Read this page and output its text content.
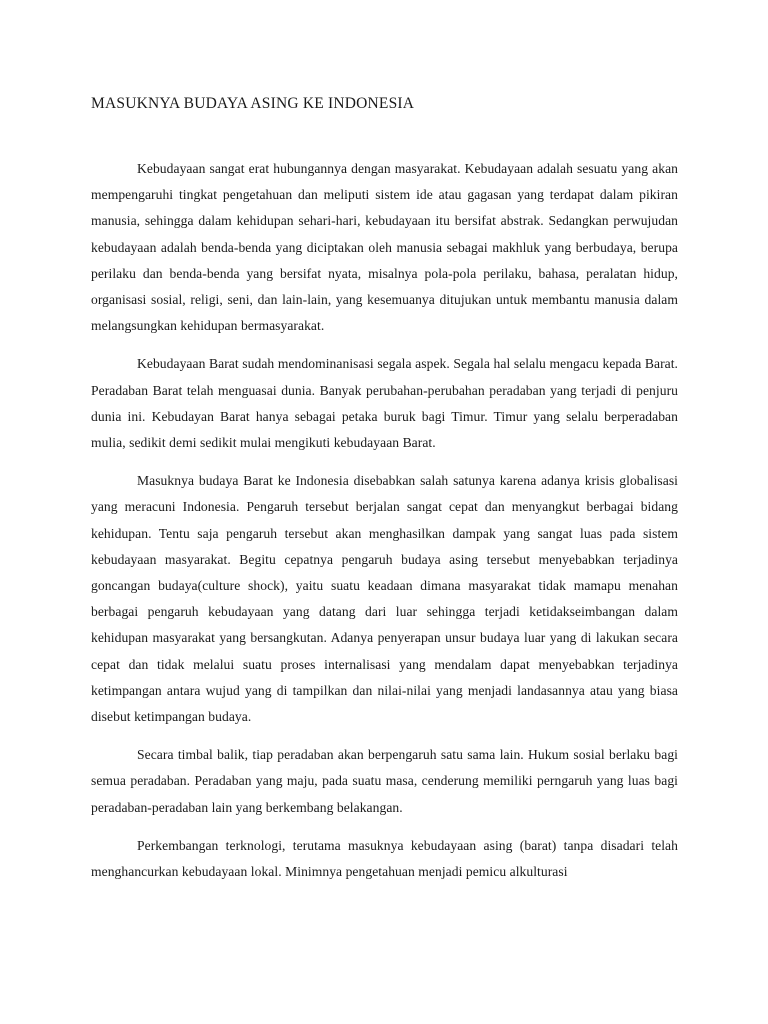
MASUKNYA BUDAYA ASING KE INDONESIA

Kebudayaan sangat erat hubungannya dengan masyarakat. Kebudayaan adalah sesuatu yang akan mempengaruhi tingkat pengetahuan dan meliputi sistem ide atau gagasan yang terdapat dalam pikiran manusia, sehingga dalam kehidupan sehari-hari, kebudayaan itu bersifat abstrak. Sedangkan perwujudan kebudayaan adalah benda-benda yang diciptakan oleh manusia sebagai makhluk yang berbudaya, berupa perilaku dan benda-benda yang bersifat nyata, misalnya pola-pola perilaku, bahasa, peralatan hidup, organisasi sosial, religi, seni, dan lain-lain, yang kesemuanya ditujukan untuk membantu manusia dalam melangsungkan kehidupan bermasyarakat.

Kebudayaan Barat sudah mendominanisasi segala aspek. Segala hal selalu mengacu kepada Barat. Peradaban Barat telah menguasai dunia. Banyak perubahan-perubahan peradaban yang terjadi di penjuru dunia ini. Kebudayan Barat hanya sebagai petaka buruk bagi Timur. Timur yang selalu berperadaban mulia, sedikit demi sedikit mulai mengikuti kebudayaan Barat.

Masuknya budaya Barat ke Indonesia disebabkan salah satunya karena adanya krisis globalisasi yang meracuni Indonesia. Pengaruh tersebut berjalan sangat cepat dan menyangkut berbagai bidang kehidupan. Tentu saja pengaruh tersebut akan menghasilkan dampak yang sangat luas pada sistem kebudayaan masyarakat. Begitu cepatnya pengaruh budaya asing tersebut menyebabkan terjadinya goncangan budaya(culture shock), yaitu suatu keadaan dimana masyarakat tidak mamapu menahan berbagai pengaruh kebudayaan yang datang dari luar sehingga terjadi ketidakseimbangan dalam kehidupan masyarakat yang bersangkutan. Adanya penyerapan unsur budaya luar yang di lakukan secara cepat dan tidak melalui suatu proses internalisasi yang mendalam dapat menyebabkan terjadinya ketimpangan antara wujud yang di tampilkan dan nilai-nilai yang menjadi landasannya atau yang biasa disebut ketimpangan budaya.

Secara timbal balik, tiap peradaban akan berpengaruh satu sama lain. Hukum sosial berlaku bagi semua peradaban. Peradaban yang maju, pada suatu masa, cenderung memiliki perngaruh yang luas bagi peradaban-peradaban lain yang berkembang belakangan.

Perkembangan terknologi, terutama masuknya kebudayaan asing (barat) tanpa disadari telah menghancurkan kebudayaan lokal. Minimnya pengetahuan menjadi pemicu alkulturasi
